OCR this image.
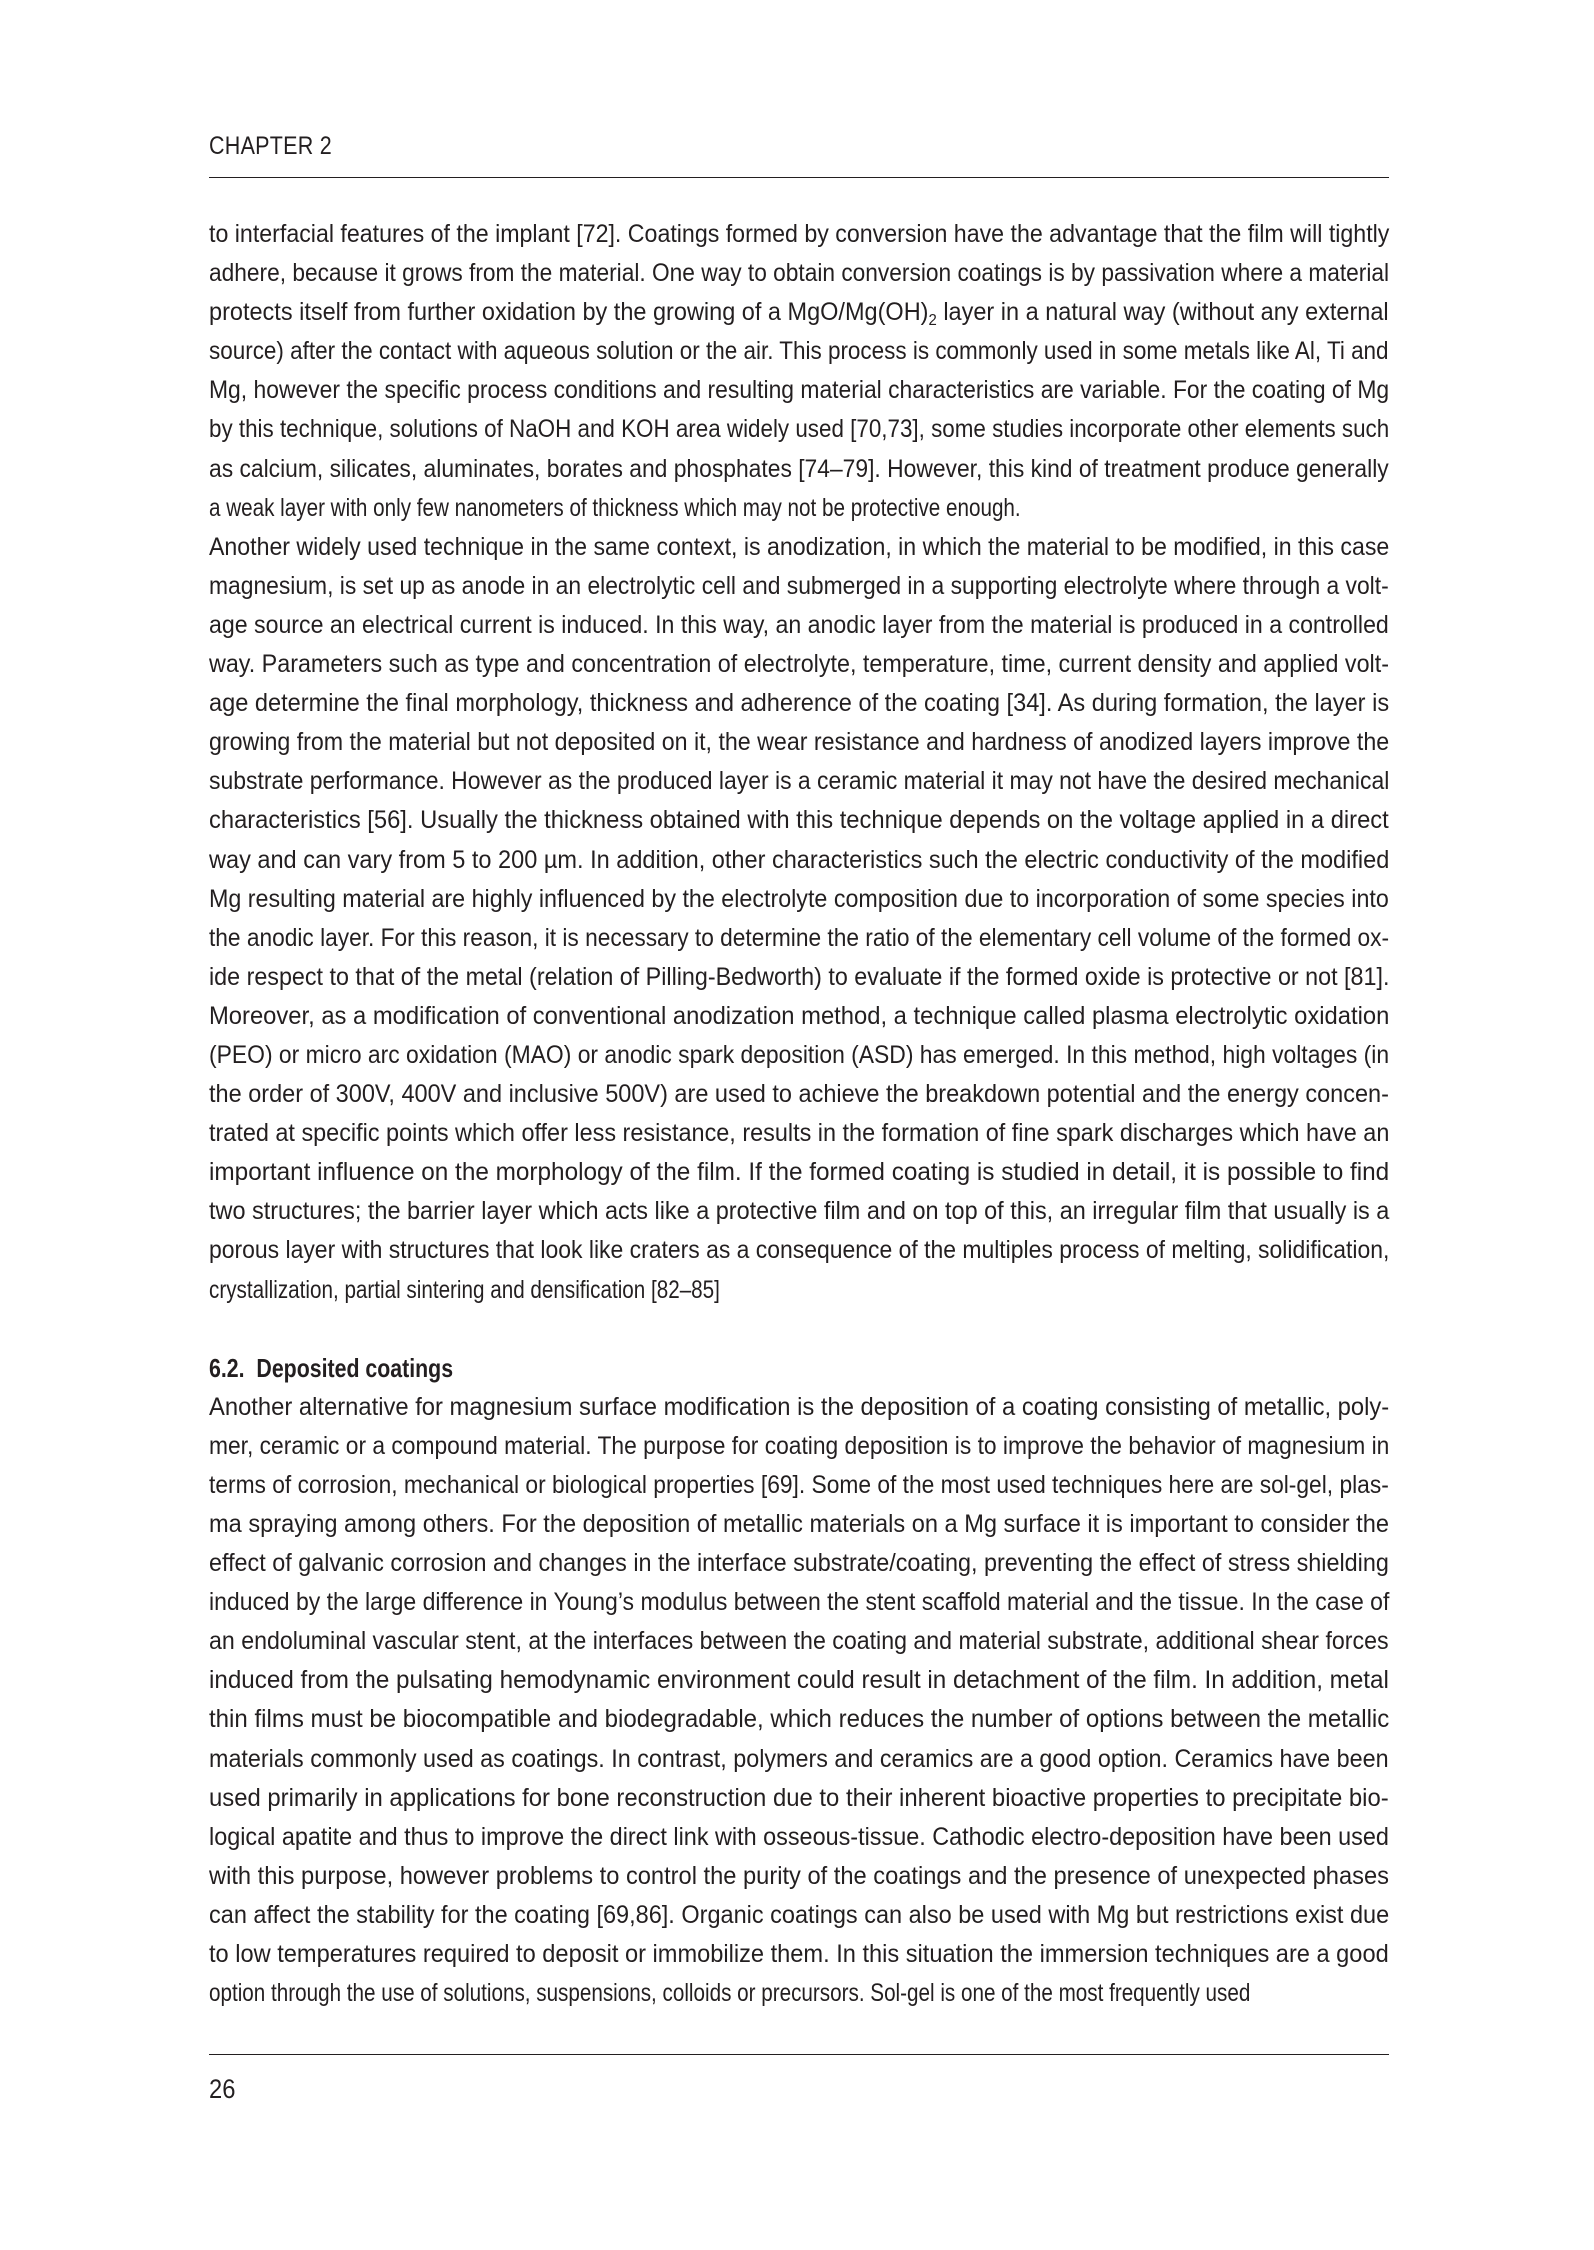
CHAPTER 2
to interfacial features of the implant [72]. Coatings formed by conversion have the advantage that the film will tightly
adhere, because it grows from the material. One way to obtain conversion coatings is by passivation where a material
protects itself from further oxidation by the growing of a MgO/$Mg(OH)_2$ layer in a natural way (without any external
source) after the contact with aqueous solution or the air. This process is commonly used in some metals like Al, Ti and
Mg, however the specific process conditions and resulting material characteristics are variable. For the coating of Mg
by this technique, solutions of NaOH and KOH area widely used [70,73], some studies incorporate other elements such
as calcium, silicates, aluminates, borates and phosphates [74–79]. However, this kind of treatment produce generally
a weak layer with only few nanometers of thickness which may not be protective enough.
Another widely used technique in the same context, is anodization, in which the material to be modified, in this case
magnesium, is set up as anode in an electrolytic cell and submerged in a supporting electrolyte where through a volt-
age source an electrical current is induced. In this way, an anodic layer from the material is produced in a controlled
way. Parameters such as type and concentration of electrolyte, temperature, time, current density and applied volt-
age determine the final morphology, thickness and adherence of the coating [34]. As during formation, the layer is
growing from the material but not deposited on it, the wear resistance and hardness of anodized layers improve the
substrate performance. However as the produced layer is a ceramic material it may not have the desired mechanical
characteristics [56]. Usually the thickness obtained with this technique depends on the voltage applied in a direct
way and can vary from 5 to 200 µm. In addition, other characteristics such the electric conductivity of the modified
Mg resulting material are highly influenced by the electrolyte composition due to incorporation of some species into
the anodic layer. For this reason, it is necessary to determine the ratio of the elementary cell volume of the formed ox-
ide respect to that of the metal (relation of Pilling-Bedworth) to evaluate if the formed oxide is protective or not [81].
Moreover, as a modification of conventional anodization method, a technique called plasma electrolytic oxidation
(PEO) or micro arc oxidation (MAO) or anodic spark deposition (ASD) has emerged. In this method, high voltages (in
the order of 300V, 400V and inclusive 500V) are used to achieve the breakdown potential and the energy concen-
trated at specific points which offer less resistance, results in the formation of fine spark discharges which have an
important influence on the morphology of the film. If the formed coating is studied in detail, it is possible to find
two structures; the barrier layer which acts like a protective film and on top of this, an irregular film that usually is a
porous layer with structures that look like craters as a consequence of the multiples process of melting, solidification,
crystallization, partial sintering and densification [82–85]
6.2. Deposited coatings
Another alternative for magnesium surface modification is the deposition of a coating consisting of metallic, poly-
mer, ceramic or a compound material. The purpose for coating deposition is to improve the behavior of magnesium in
terms of corrosion, mechanical or biological properties [69]. Some of the most used techniques here are sol-gel, plas-
ma spraying among others. For the deposition of metallic materials on a Mg surface it is important to consider the
effect of galvanic corrosion and changes in the interface substrate/coating, preventing the effect of stress shielding
induced by the large difference in Young’s modulus between the stent scaffold material and the tissue. In the case of
an endoluminal vascular stent, at the interfaces between the coating and material substrate, additional shear forces
induced from the pulsating hemodynamic environment could result in detachment of the film. In addition, metal
thin films must be biocompatible and biodegradable, which reduces the number of options between the metallic
materials commonly used as coatings. In contrast, polymers and ceramics are a good option. Ceramics have been
used primarily in applications for bone reconstruction due to their inherent bioactive properties to precipitate bio-
logical apatite and thus to improve the direct link with osseous-tissue. Cathodic electro-deposition have been used
with this purpose, however problems to control the purity of the coatings and the presence of unexpected phases
can affect the stability for the coating [69,86]. Organic coatings can also be used with Mg but restrictions exist due
to low temperatures required to deposit or immobilize them. In this situation the immersion techniques are a good
option through the use of solutions, suspensions, colloids or precursors. Sol-gel is one of the most frequently used
26
